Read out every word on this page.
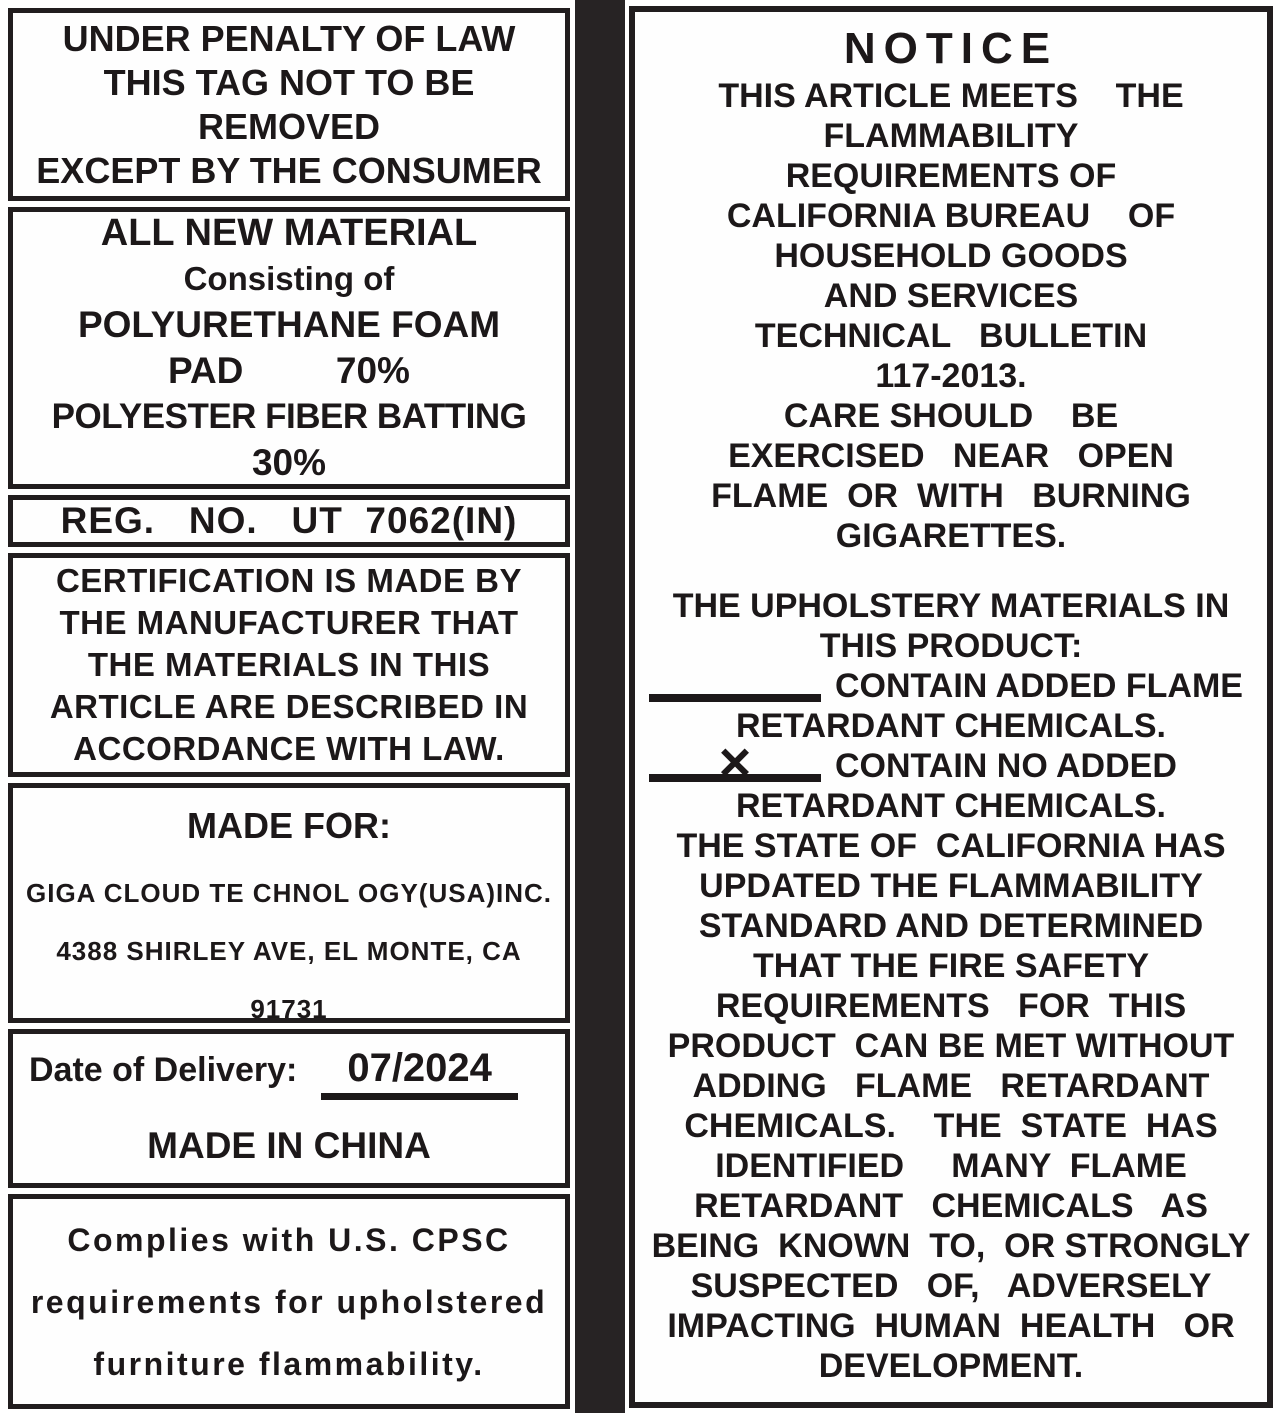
UNDER PENALTY OF LAW
THIS TAG NOT TO BE
REMOVED
EXCEPT BY THE CONSUMER
ALL NEW MATERIAL
Consisting of
POLYURETHANE FOAM
PAD         70%
POLYESTER FIBER BATTING
30%
REG.   NO.   UT  7062(IN)
CERTIFICATION IS MADE BY
THE MANUFACTURER THAT
THE MATERIALS IN THIS
ARTICLE ARE DESCRIBED IN
ACCORDANCE WITH LAW.
MADE FOR:
GIGA CLOUD TE CHNOL OGY(USA)INC.
4388 SHIRLEY AVE, EL MONTE, CA
91731
Date of Delivery:	07/2024
MADE IN CHINA
Complies with U.S. CPSC
requirements for upholstered
furniture flammability.
NOTICE
THIS ARTICLE MEETS    THE
FLAMMABILITY
REQUIREMENTS OF
CALIFORNIA BUREAU    OF
HOUSEHOLD GOODS
AND SERVICES
TECHNICAL   BULLETIN
117-2013.
CARE SHOULD    BE
EXERCISED   NEAR   OPEN
FLAME  OR  WITH   BURNING
GIGARETTES.
THE UPHOLSTERY MATERIALS IN
THIS PRODUCT:
CONTAIN ADDED FLAME
RETARDANT CHEMICALS.

×

CONTAIN NO ADDED
RETARDANT CHEMICALS.
THE STATE OF  CALIFORNIA HAS
UPDATED THE FLAMMABILITY
STANDARD AND DETERMINED
THAT THE FIRE SAFETY
REQUIREMENTS   FOR  THIS
PRODUCT  CAN BE MET WITHOUT
ADDING   FLAME   RETARDANT
CHEMICALS.    THE  STATE  HAS
IDENTIFIED     MANY  FLAME
RETARDANT   CHEMICALS   AS
BEING  KNOWN  TO,  OR STRONGLY
SUSPECTED   OF,   ADVERSELY
IMPACTING  HUMAN  HEALTH   OR
DEVELOPMENT.
